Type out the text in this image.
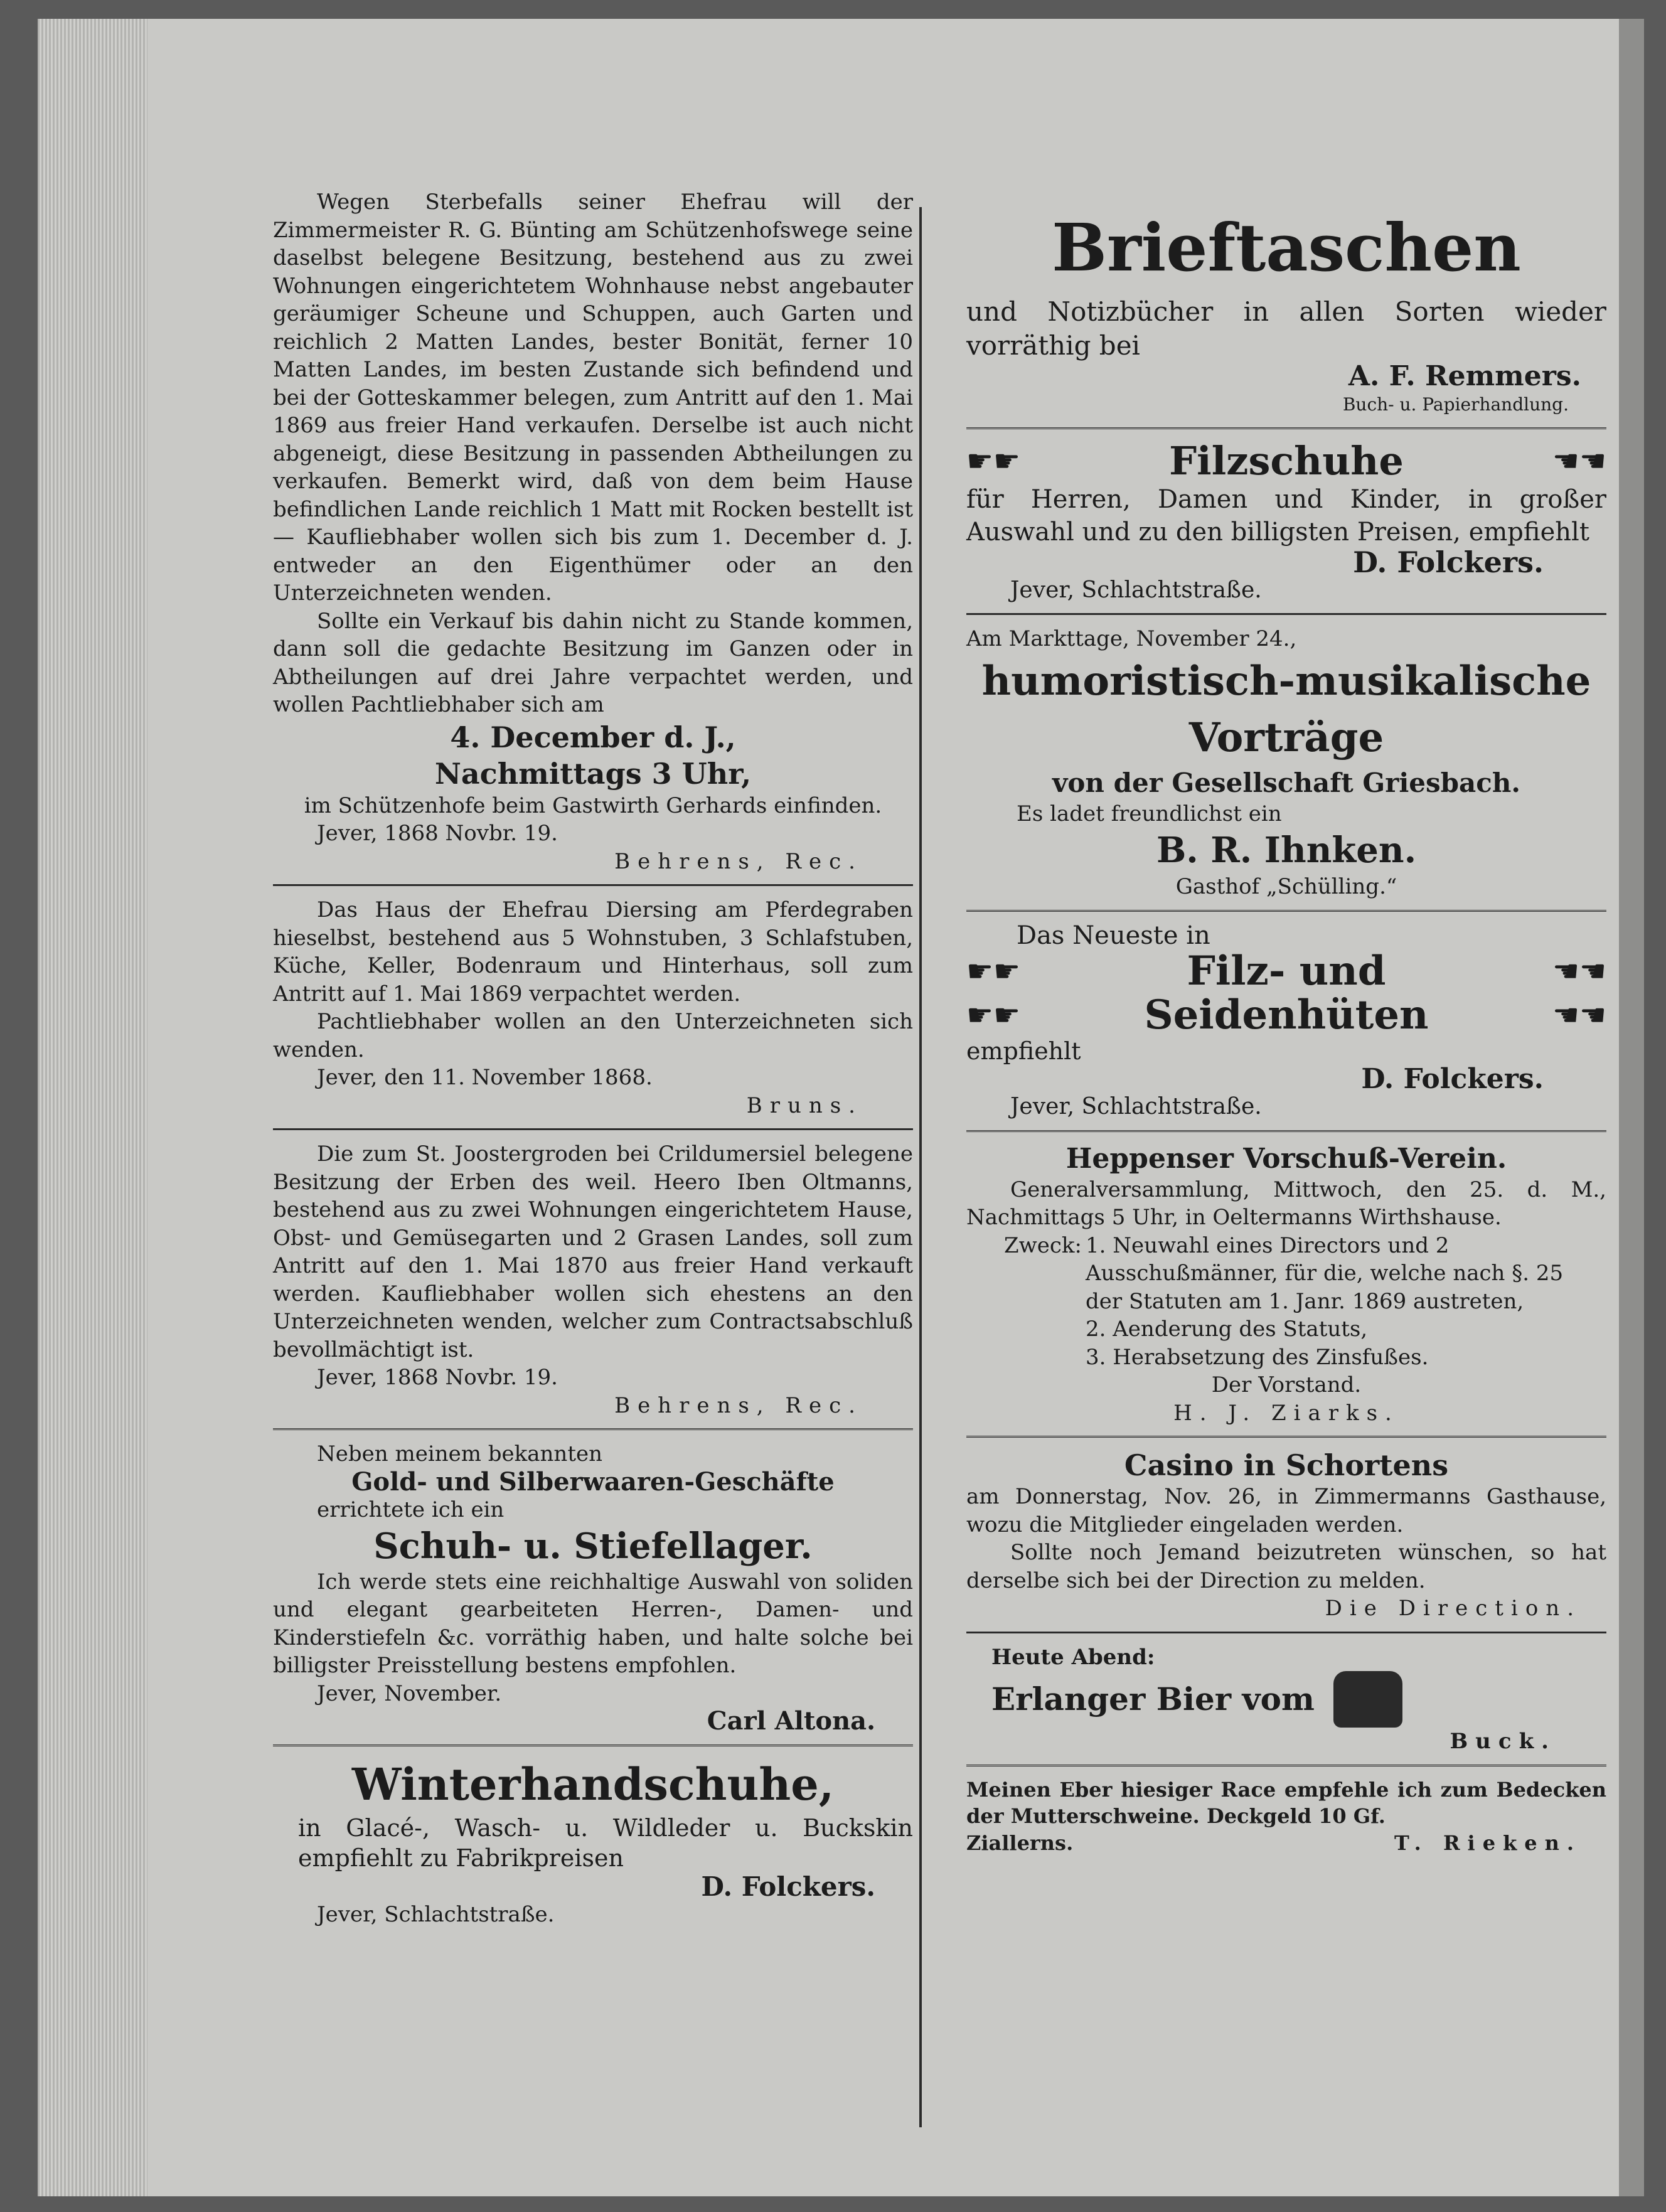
Wegen Sterbefalls seiner Ehefrau will der Zimmermeister R. G. Bünting am Schützenhofswege seine daselbst belegene Besitzung, bestehend aus zu zwei Wohnungen eingerichtetem Wohnhause nebst angebauter geräumiger Scheune und Schuppen, auch Garten und reichlich 2 Matten Landes, bester Bonität, ferner 10 Matten Landes, im besten Zustande sich befindend und bei der Gotteskammer belegen, zum Antritt auf den 1. Mai 1869 aus freier Hand verkaufen. Derselbe ist auch nicht abgeneigt, diese Besitzung in passenden Abtheilungen zu verkaufen. Bemerkt wird, daß von dem beim Hause befindlichen Lande reichlich 1 Matt mit Rocken bestellt ist — Kaufliebhaber wollen sich bis zum 1. December d. J. entweder an den Eigenthümer oder an den Unterzeichneten wenden.

Sollte ein Verkauf bis dahin nicht zu Stande kommen, dann soll die gedachte Besitzung im Ganzen oder in Abtheilungen auf drei Jahre verpachtet werden, und wollen Pachtliebhaber sich am

4. December d. J.,
Nachmittags 3 Uhr,

im Schützenhofe beim Gastwirth Gerhards einfinden.

Jever, 1868 Novbr. 19.

Behrens, Rec.

Das Haus der Ehefrau Diersing am Pferdegraben hieselbst, bestehend aus 5 Wohnstuben, 3 Schlafstuben, Küche, Keller, Bodenraum und Hinterhaus, soll zum Antritt auf 1. Mai 1869 verpachtet werden.

Pachtliebhaber wollen an den Unterzeichneten sich wenden.

Jever, den 11. November 1868.

Bruns.

Die zum St. Joostergroden bei Crildumersiel belegene Besitzung der Erben des weil. Heero Iben Oltmanns, bestehend aus zu zwei Wohnungen eingerichtetem Hause, Obst- und Gemüsegarten und 2 Grasen Landes, soll zum Antritt auf den 1. Mai 1870 aus freier Hand verkauft werden. Kaufliebhaber wollen sich ehestens an den Unterzeichneten wenden, welcher zum Contractsabschluß bevollmächtigt ist.

Jever, 1868 Novbr. 19.

Behrens, Rec.

Neben meinem bekannten

Gold- und Silberwaaren-Geschäfte

errichtete ich ein

Schuh- u. Stiefellager.

Ich werde stets eine reichhaltige Auswahl von soliden und elegant gearbeiteten Herren-, Damen- und Kinderstiefeln &c. vorräthig haben, und halte solche bei billigster Preisstellung bestens empfohlen.

Jever, November.

Carl Altona.

Winterhandschuhe,

in Glacé-, Wasch- u. Wildleder u. Buckskin empfiehlt zu Fabrikpreisen

D. Folckers.

Jever, Schlachtstraße.

Brieftaschen

und Notizbücher in allen Sorten wieder vorräthig bei

A. F. Remmers.

Buch- u. Papierhandlung.

☛☛	Filzschuhe	☚☚

für Herren, Damen und Kinder, in großer Auswahl und zu den billigsten Preisen, empfiehlt

D. Folckers.

Jever, Schlachtstraße.

Am Markttage, November 24.,

humoristisch-musikalische
Vorträge
von der Gesellschaft Griesbach.

Es ladet freundlichst ein

B. R. Ihnken.

Gasthof „Schülling.“

Das Neueste in

☛☛	Filz- und	☚☚
☛☛	Seidenhüten	☚☚

empfiehlt

D. Folckers.

Jever, Schlachtstraße.

Heppenser Vorschuß-Verein.

Generalversammlung, Mittwoch, den 25. d. M., Nachmittags 5 Uhr, in Oeltermanns Wirthshause.

Zweck: 1. Neuwahl eines Directors und 2 Ausschußmänner, für die, welche nach §. 25 der Statuten am 1. Janr. 1869 austreten,
2. Aenderung des Statuts,
3. Herabsetzung des Zinsfußes.

Der Vorstand.

H. J. Ziarks.

Casino in Schortens

am Donnerstag, Nov. 26, in Zimmermanns Gasthause, wozu die Mitglieder eingeladen werden.

Sollte noch Jemand beizutreten wünschen, so hat derselbe sich bei der Direction zu melden.

Die Direction.

Heute Abend:

Erlanger Bier vom

Buck.

Meinen Eber hiesiger Race empfehle ich zum Bedecken der Mutterschweine. Deckgeld 10 Gf.

Ziallerns.	T. Rieken.
